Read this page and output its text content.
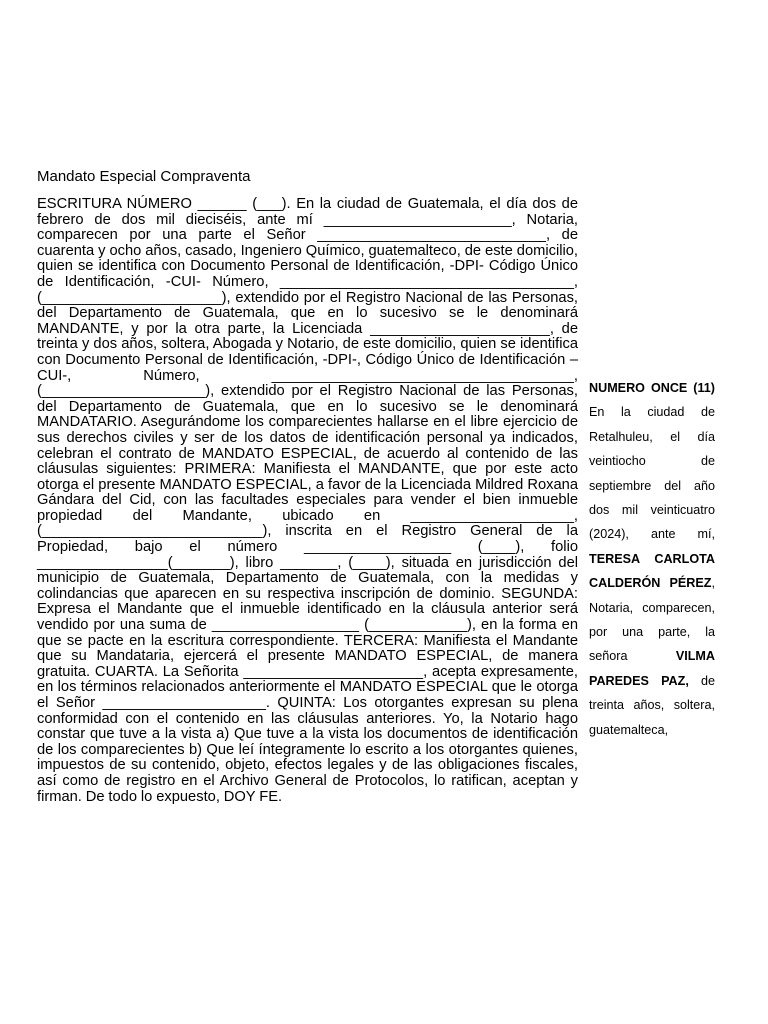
Mandato Especial Compraventa

ESCRITURA NÚMERO ______ (___). En la ciudad de Guatemala, el día dos de febrero de dos mil dieciséis, ante mí _______________________, Notaria, comparecen por una parte el Señor ____________________________, de cuarenta y ocho años, casado, Ingeniero Químico, guatemalteco, de este domicilio, quien se identifica con Documento Personal de Identificación, -DPI- Código Único de Identificación, -CUI- Número, ____________________________________, (______________________), extendido por el Registro Nacional de las Personas, del Departamento de Guatemala, que en lo sucesivo se le denominará MANDANTE, y por la otra parte, la Licenciada ______________________, de treinta y dos años, soltera, Abogada y Notario, de este domicilio, quien se identifica con Documento Personal de Identificación, -DPI-, Código Único de Identificación –CUI-, Número, _____________________________________, (____________________), extendido por el Registro Nacional de las Personas, del Departamento de Guatemala, que en lo sucesivo se le denominará MANDATARIO. Asegurándome los comparecientes hallarse en el libre ejercicio de sus derechos civiles y ser de los datos de identificación personal ya indicados, celebran el contrato de MANDATO ESPECIAL, de acuerdo al contenido de las cláusulas siguientes: PRIMERA: Manifiesta el MANDANTE, que por este acto otorga el presente MANDATO ESPECIAL, a favor de la Licenciada Mildred Roxana Gándara del Cid, con las facultades especiales para vender el bien inmueble propiedad del Mandante, ubicado en ____________________, (___________________________), inscrita en el Registro General de la Propiedad, bajo el número __________________ (____), folio ________________(_______), libro _______, (____), situada en jurisdicción del municipio de Guatemala, Departamento de Guatemala, con la medidas y colindancias que aparecen en su respectiva inscripción de dominio. SEGUNDA: Expresa el Mandante que el inmueble identificado en la cláusula anterior será vendido por una suma de __________________ (____________), en la forma en que se pacte en la escritura correspondiente. TERCERA: Manifiesta el Mandante que su Mandataria, ejercerá el presente MANDATO ESPECIAL, de manera gratuita. CUARTA. La Señorita ______________________, acepta expresamente, en los términos relacionados anteriormente el MANDATO ESPECIAL que le otorga el Señor ____________________. QUINTA: Los otorgantes expresan su plena conformidad con el contenido en las cláusulas anteriores. Yo, la Notario hago constar que tuve a la vista a) Que tuve a la vista los documentos de identificación de los comparecientes b) Que leí íntegramente lo escrito a los otorgantes quienes, impuestos de su contenido, objeto, efectos legales y de las obligaciones fiscales, así como de registro en el Archivo General de Protocolos, lo ratifican, aceptan y firman. De todo lo expuesto, DOY FE.

NUMERO ONCE (11) En la ciudad de Retalhuleu, el día veintiocho de septiembre del año dos mil veinticuatro (2024), ante mí, TERESA CARLOTA CALDERÓN PÉREZ, Notaria, comparecen, por una parte, la señora VILMA PAREDES PAZ, de treinta años, soltera, guatemalteca,
